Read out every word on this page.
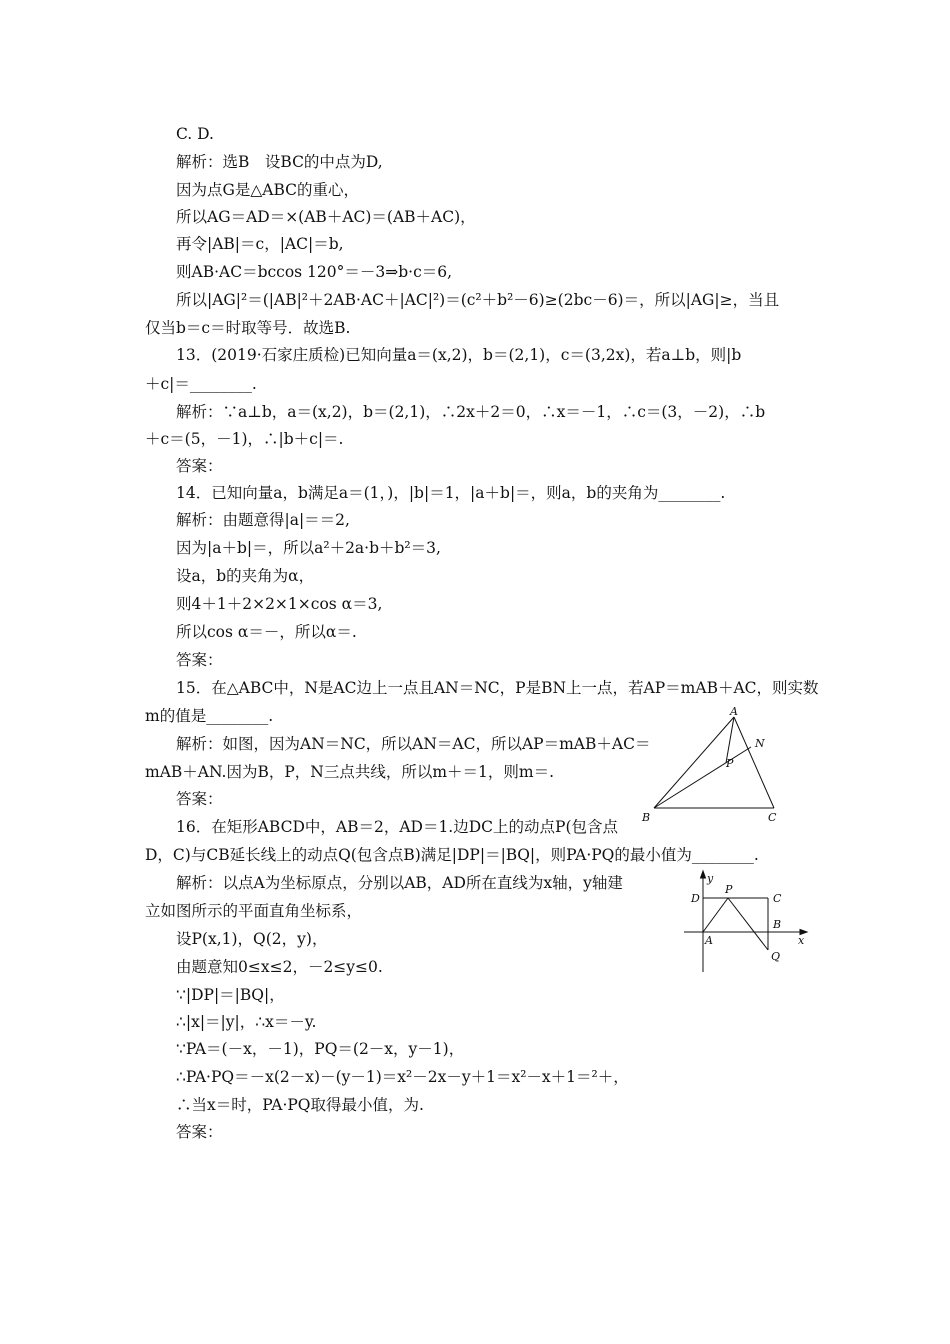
C. D.
解析：选B　设BC的中点为D,
因为点G是△ABC的重心，
所以AG＝AD＝×(AB＋AC)＝(AB＋AC)，
再令|AB|＝c，|AC|＝b,
则AB·AC＝bccos 120°＝－3⇒b·c＝6,
所以|AG|²＝(|AB|²＋2AB·AC＋|AC|²)＝(c²＋b²－6)≥(2bc－6)＝，所以|AG|≥，当且
仅当b＝c＝时取等号．故选B.
13．(2019·石家庄质检)已知向量a＝(x,2)，b＝(2,1)，c＝(3,2x)，若a⊥b，则|b
＋c|＝________.
解析：∵a⊥b，a＝(x,2)，b＝(2,1)，∴2x＋2＝0，∴x＝－1，∴c＝(3，－2)，∴b
＋c＝(5，－1)，∴|b＋c|＝.
答案：
14．已知向量a，b满足a＝(1，)，|b|＝1，|a＋b|＝，则a，b的夹角为________.
解析：由题意得|a|＝＝2,
因为|a＋b|＝，所以a²＋2a·b＋b²＝3,
设a，b的夹角为α，
则4＋1＋2×2×1×cos α＝3,
所以cos α＝－，所以α＝.
答案：
15．在△ABC中，N是AC边上一点且AN＝NC，P是BN上一点，若AP＝mAB＋AC，则实数
m的值是________.
解析：如图，因为AN＝NC，所以AN＝AC，所以AP＝mAB＋AC＝
mAB＋AN.因为B，P，N三点共线，所以m＋＝1，则m＝.
答案：
16．在矩形ABCD中，AB＝2，AD＝1.边DC上的动点P(包含点
D，C)与CB延长线上的动点Q(包含点B)满足|DP|＝|BQ|，则PA·PQ的最小值为________.
解析：以点A为坐标原点，分别以AB，AD所在直线为x轴，y轴建
立如图所示的平面直角坐标系，
设P(x,1)，Q(2，y)，
由题意知0≤x≤2，－2≤y≤0.
∵|DP|＝|BQ|，
∴|x|＝|y|，∴x＝－y.
∵PA＝(－x，－1)，PQ＝(2－x，y－1)，
∴PA·PQ＝－x(2－x)－(y－1)＝x²－2x－y＋1＝x²－x＋1＝²＋，
∴当x＝时，PA·PQ取得最小值，为.
答案：
A
N
P
B	C
y
D
P
C
B
A	x
Q
